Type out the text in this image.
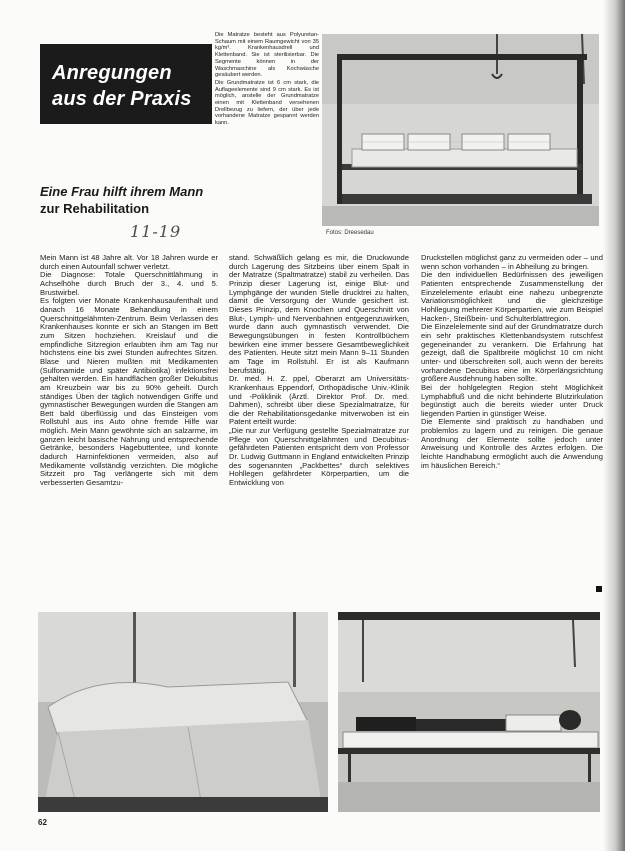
Anregungen
aus der Praxis
Eine Frau hilft ihrem Mann
zur Rehabilitation
11-19

Die Matratze besteht aus Polyuretan-Schaum mit einem Raumgewicht von 35 kg/m³. Krankenhausdrell und Klettenband. Sie ist sterilisierbar. Die Segmente können in der Waschmaschine als Kochwäsche gesäubert werden.

Die Grundmatratze ist 6 cm stark, die Auflageelemente sind 9 cm stark. Es ist möglich, anstelle der Grundmatratze einen mit Klettenband versehenen Drellbezug zu liefern, der über jede vorhandene Matratze gespannt werden kann.

Fotos: Dreesedau

Mein Mann ist 48 Jahre alt. Vor 18 Jahren wurde er durch einen Autounfall schwer verletzt.

Die Diagnose: Totale Querschnittlähmung in Achselhöhe durch Bruch der 3., 4. und 5. Brustwirbel.

Es folgten vier Monate Krankenhausaufenthalt und danach 16 Monate Behandlung in einem Querschnittgelähmten-Zentrum. Beim Verlassen des Krankenhauses konnte er sich an Stangen im Bett zum Sitzen hochziehen. Kreislauf und die empfindliche Sitzregion erlaubten ihm am Tag nur höchstens eine bis zwei Stunden aufrechtes Sitzen. Blase und Nieren mußten mit Medikamenten (Sulfonamide und später Antibiotika) infektionsfrei gehalten werden. Ein handflächen großer Dekubitus am Kreuzbein war bis zu 90% geheilt. Durch ständiges Üben der täglich notwendigen Griffe und gymnastischer Bewegungen wurden die Stangen am Bett bald überflüssig und das Einsteigen vom Rollstuhl aus ins Auto ohne fremde Hilfe war möglich. Mein Mann gewöhnte sich an salzarme, im ganzen leicht basische Nahrung und entsprechende Getränke, besonders Hagebuttentee, und konnte dadurch Harninfektionen vermeiden, also auf Medikamente vollständig verzichten. Die mögliche Sitzzeit pro Tag verlängerte sich mit dem verbesserten Gesamtzu-

stand. Schwäßlich gelang es mir, die Druckwunde durch Lagerung des Sitzbeins über einem Spalt in der Matratze (Spaltmatratze) stabil zu verheilen. Das Prinzip dieser Lagerung ist, einige Blut- und Lymphgänge der wunden Stelle drucktrei zu halten, damit die Versorgung der Wunde gesichert ist. Dieses Prinzip, dem Knochen und Querschnitt von Blut-, Lymph- und Nervenbahnen entgegenzuwirken, wurde dann auch gymnastisch verwendet. Die Bewegungsübungen in festen Kontrollbüchern bewirken eine immer bessere Gesamtbeweglichkeit des Patienten. Heute sitzt mein Mann 9–11 Stunden am Tage im Rollstuhl. Er ist als Kaufmann berufstätig.

Dr. med. H. Z. ppel, Oberarzt am Universitäts-Krankenhaus Eppendorf, Orthopädische Univ.-Klinik und -Poliklinik (Ärztl. Direktor Prof. Dr. med. Dahmen), schreibt über diese Spezialmatratze, für die der Rehabilitationsgedanke mitverwoben ist ein Patent erteilt wurde:

„Die nur zur Verfügung gestellte Spezialmatratze zur Pflege von Querschnittgelähmten und Decubitus-gefährdeten Patienten entspricht dem von Professor Dr. Ludwig Guttmann in England entwickelten Prinzip des sogenannten „Packbettes“ durch selektives Hohllegen gefährdeter Körperpartien, um die Entwicklung von

Druckstellen möglichst ganz zu vermeiden oder – und wenn schon vorhanden – in Abheilung zu bringen.

Die den individuellen Bedürfnissen des jeweiligen Patienten entsprechende Zusammenstellung der Einzelelemente erlaubt eine nahezu unbegrenzte Variationsmöglichkeit und die gleichzeitige Hohllegung mehrerer Körperpartien, wie zum Beispiel Hacken-, Steißbein- und Schulterblattregion.

Die Einzelelemente sind auf der Grundmatratze durch ein sehr praktisches Klettenbandsystem rutschfest gegeneinander zu verankern. Die Erfahrung hat gezeigt, daß die Spaltbreite möglichst 10 cm nicht unter- und überschreiten soll, auch wenn der bereits vorhandene Decubitus eine im Körperlängsrichtung größere Ausdehnung haben sollte.

Bei der hohlgelegten Region steht Möglichkeit Lymphabfluß und die nicht behinderte Blutzirkulation begünstigt auch die bereits wieder unter Druck liegenden Partien in günstiger Weise.

Die Elemente sind praktisch zu handhaben und problemlos zu lagern und zu reinigen. Die genaue Anordnung der Elemente sollte jedoch unter Anweisung und Kontrolle des Arztes erfolgen. Die leichte Handhabung ermöglicht auch die Anwendung im häuslichen Bereich.“

62
